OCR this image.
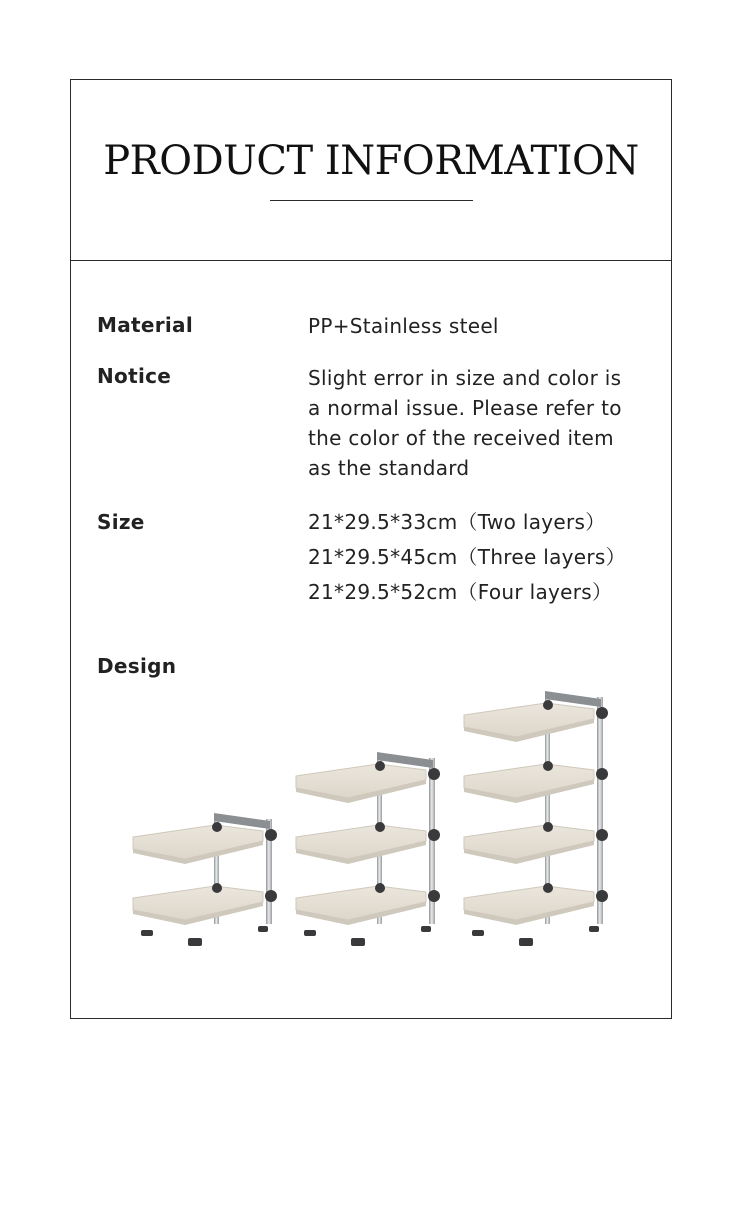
PRODUCT INFORMATION
Material	PP+Stainless steel
Notice	Slight error in size and color is
a normal issue. Please refer to
the color of the received item
as the standard
Size	21*29.5*33cm（Two layers）
21*29.5*45cm（Three layers）
21*29.5*52cm（Four layers）
Design
